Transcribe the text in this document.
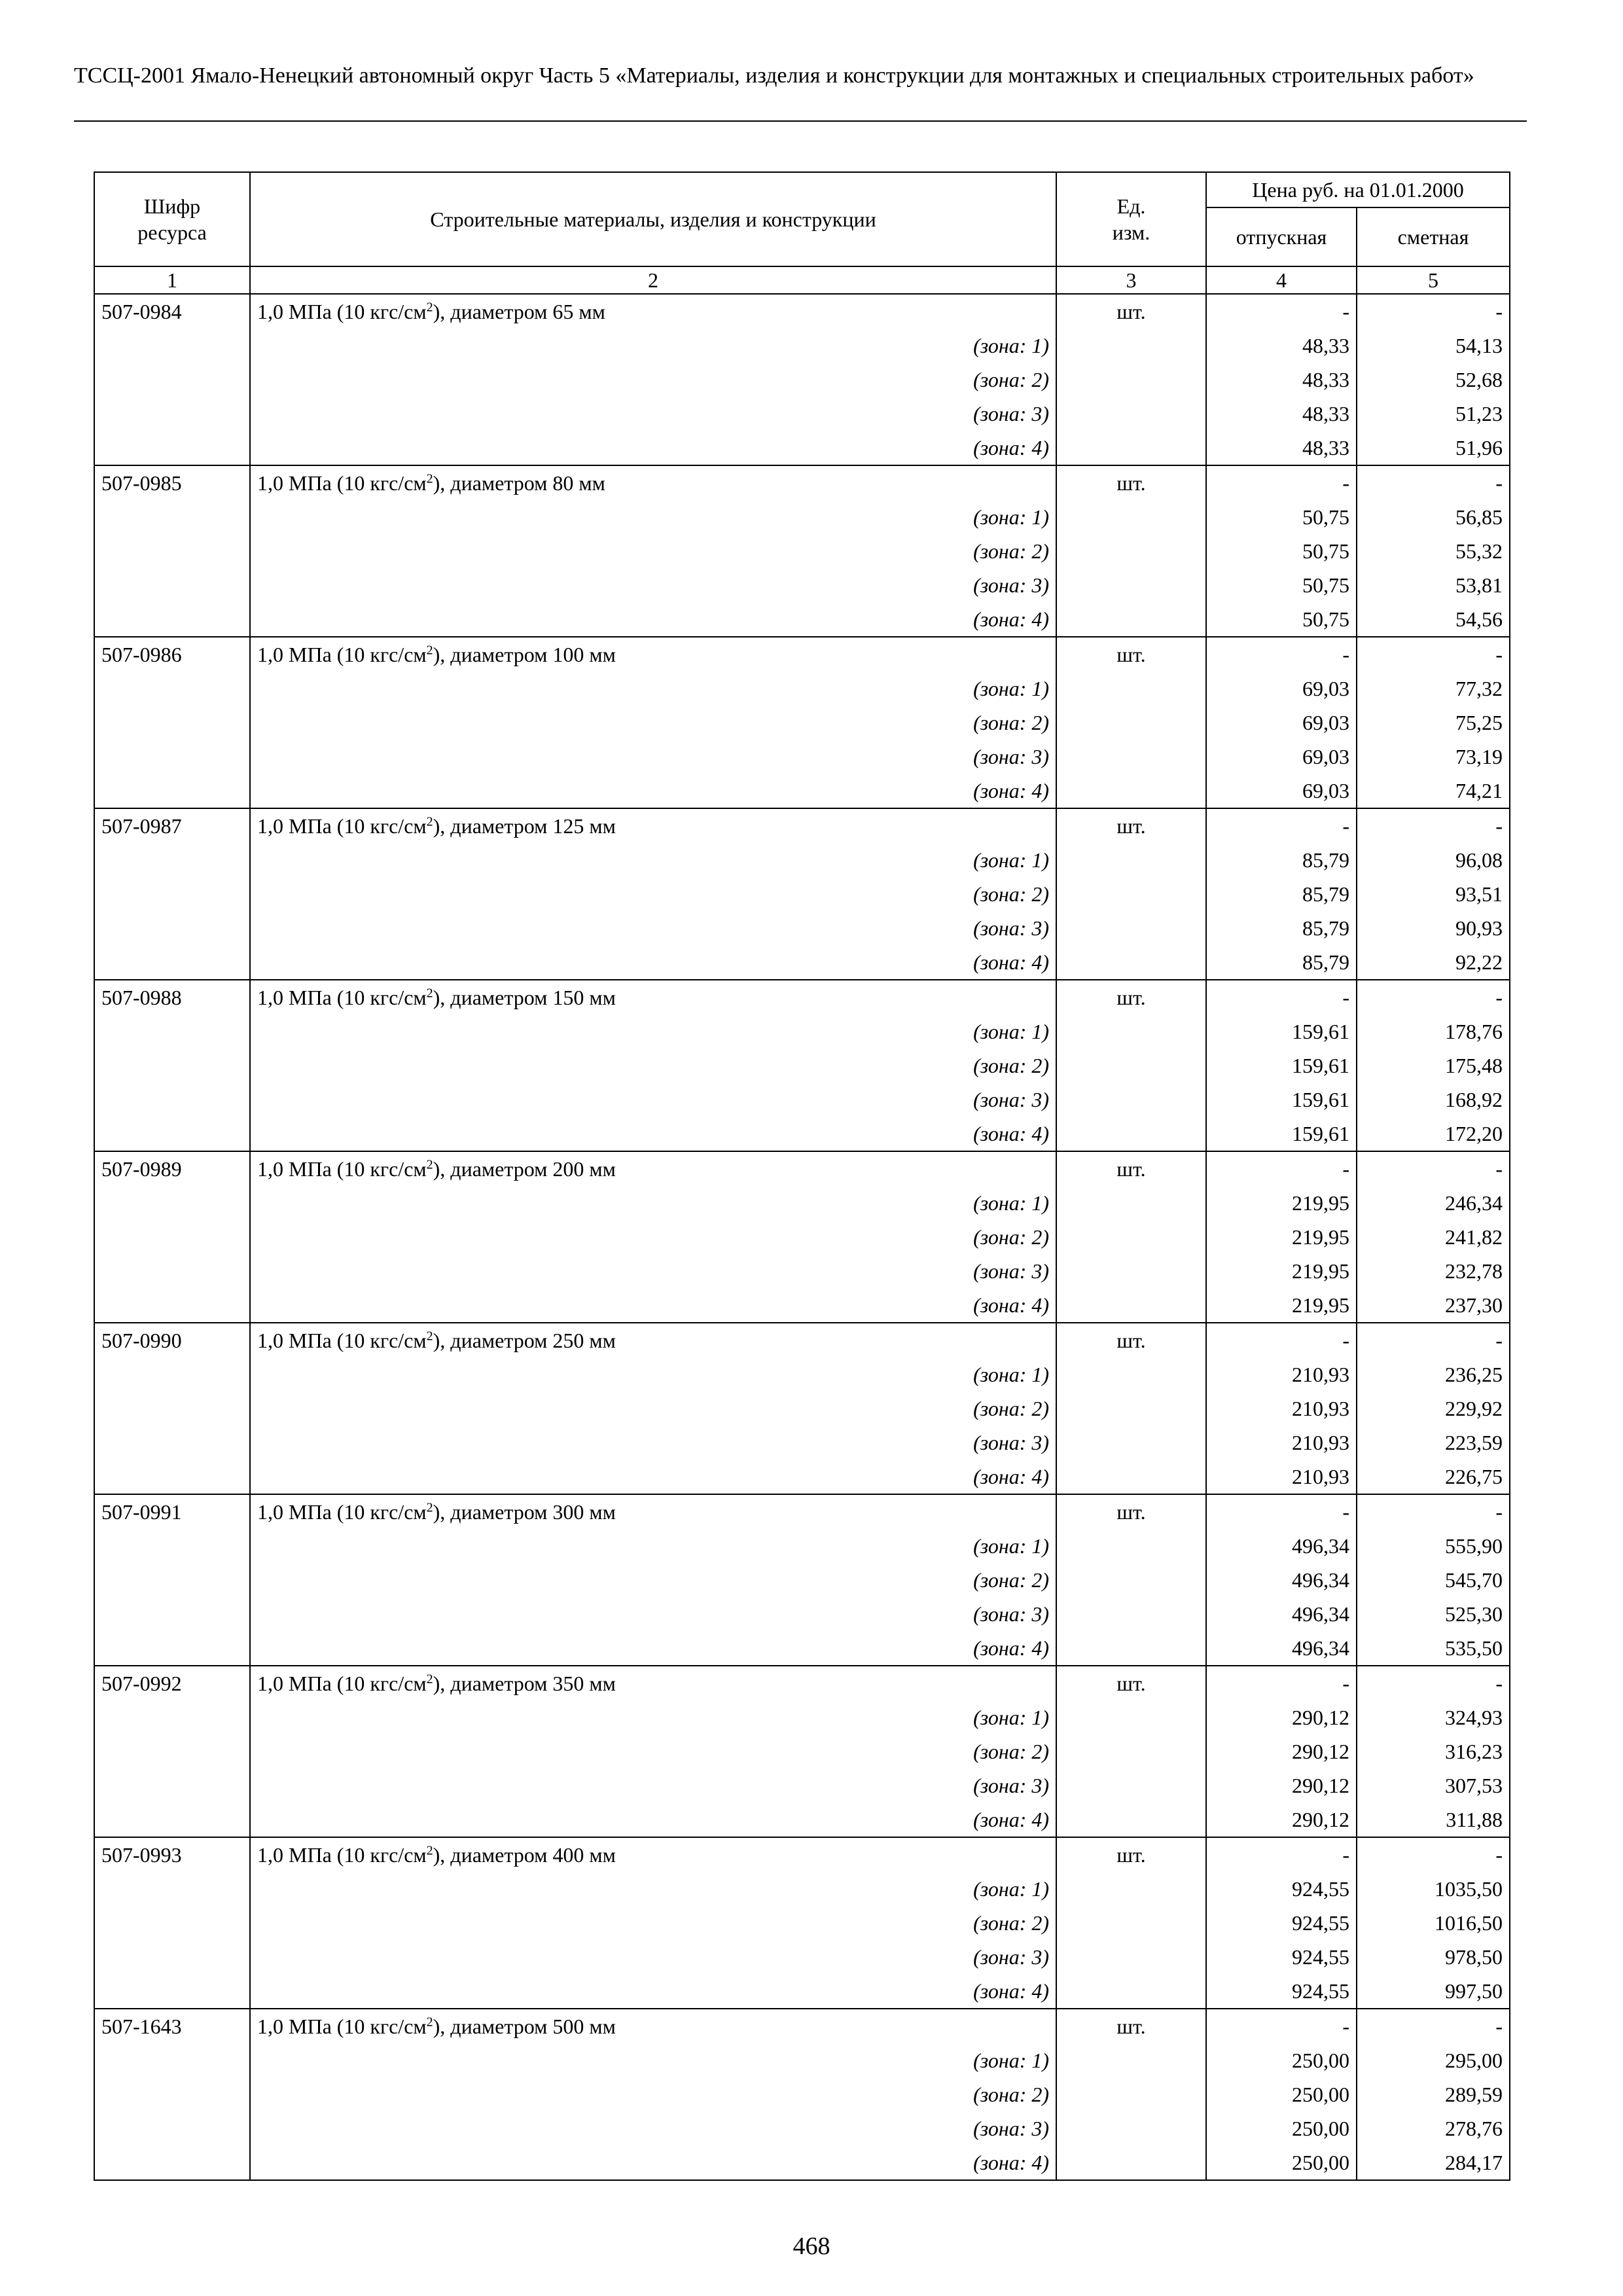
ТССЦ-2001 Ямало-Ненецкий автономный округ Часть 5 «Материалы, изделия и конструкции для монтажных и специальных строительных работ»
Шифр ресурса	Строительные материалы, изделия и конструкции	Ед. изм.	Цена руб. на 01.01.2000	
			отпускная	сметная
1	2	3	4	5
507-0984	1,0 МПа (10 кгс/$см^2$), диаметром 65 мм	шт.	-	-
	(зона: 1)		48,33	54,13
	(зона: 2)		48,33	52,68
	(зона: 3)		48,33	51,23
	(зона: 4)		48,33	51,96
507-0985	1,0 МПа (10 кгс/$см^2$), диаметром 80 мм	шт.	-	-
	(зона: 1)		50,75	56,85
	(зона: 2)		50,75	55,32
	(зона: 3)		50,75	53,81
	(зона: 4)		50,75	54,56
507-0986	1,0 МПа (10 кгс/$см^2$), диаметром 100 мм	шт.	-	-
	(зона: 1)		69,03	77,32
	(зона: 2)		69,03	75,25
	(зона: 3)		69,03	73,19
	(зона: 4)		69,03	74,21
507-0987	1,0 МПа (10 кгс/$см^2$), диаметром 125 мм	шт.	-	-
	(зона: 1)		85,79	96,08
	(зона: 2)		85,79	93,51
	(зона: 3)		85,79	90,93
	(зона: 4)		85,79	92,22
507-0988	1,0 МПа (10 кгс/$см^2$), диаметром 150 мм	шт.	-	-
	(зона: 1)		159,61	178,76
	(зона: 2)		159,61	175,48
	(зона: 3)		159,61	168,92
	(зона: 4)		159,61	172,20
507-0989	1,0 МПа (10 кгс/$см^2$), диаметром 200 мм	шт.	-	-
	(зона: 1)		219,95	246,34
	(зона: 2)		219,95	241,82
	(зона: 3)		219,95	232,78
	(зона: 4)		219,95	237,30
507-0990	1,0 МПа (10 кгс/$см^2$), диаметром 250 мм	шт.	-	-
	(зона: 1)		210,93	236,25
	(зона: 2)		210,93	229,92
	(зона: 3)		210,93	223,59
	(зона: 4)		210,93	226,75
507-0991	1,0 МПа (10 кгс/$см^2$), диаметром 300 мм	шт.	-	-
	(зона: 1)		496,34	555,90
	(зона: 2)		496,34	545,70
	(зона: 3)		496,34	525,30
	(зона: 4)		496,34	535,50
507-0992	1,0 МПа (10 кгс/$см^2$), диаметром 350 мм	шт.	-	-
	(зона: 1)		290,12	324,93
	(зона: 2)		290,12	316,23
	(зона: 3)		290,12	307,53
	(зона: 4)		290,12	311,88
507-0993	1,0 МПа (10 кгс/$см^2$), диаметром 400 мм	шт.	-	-
	(зона: 1)		924,55	1035,50
	(зона: 2)		924,55	1016,50
	(зона: 3)		924,55	978,50
	(зона: 4)		924,55	997,50
507-1643	1,0 МПа (10 кгс/$см^2$), диаметром 500 мм	шт.	-	-
	(зона: 1)		250,00	295,00
	(зона: 2)		250,00	289,59
	(зона: 3)		250,00	278,76
	(зона: 4)		250,00	284,17
468
